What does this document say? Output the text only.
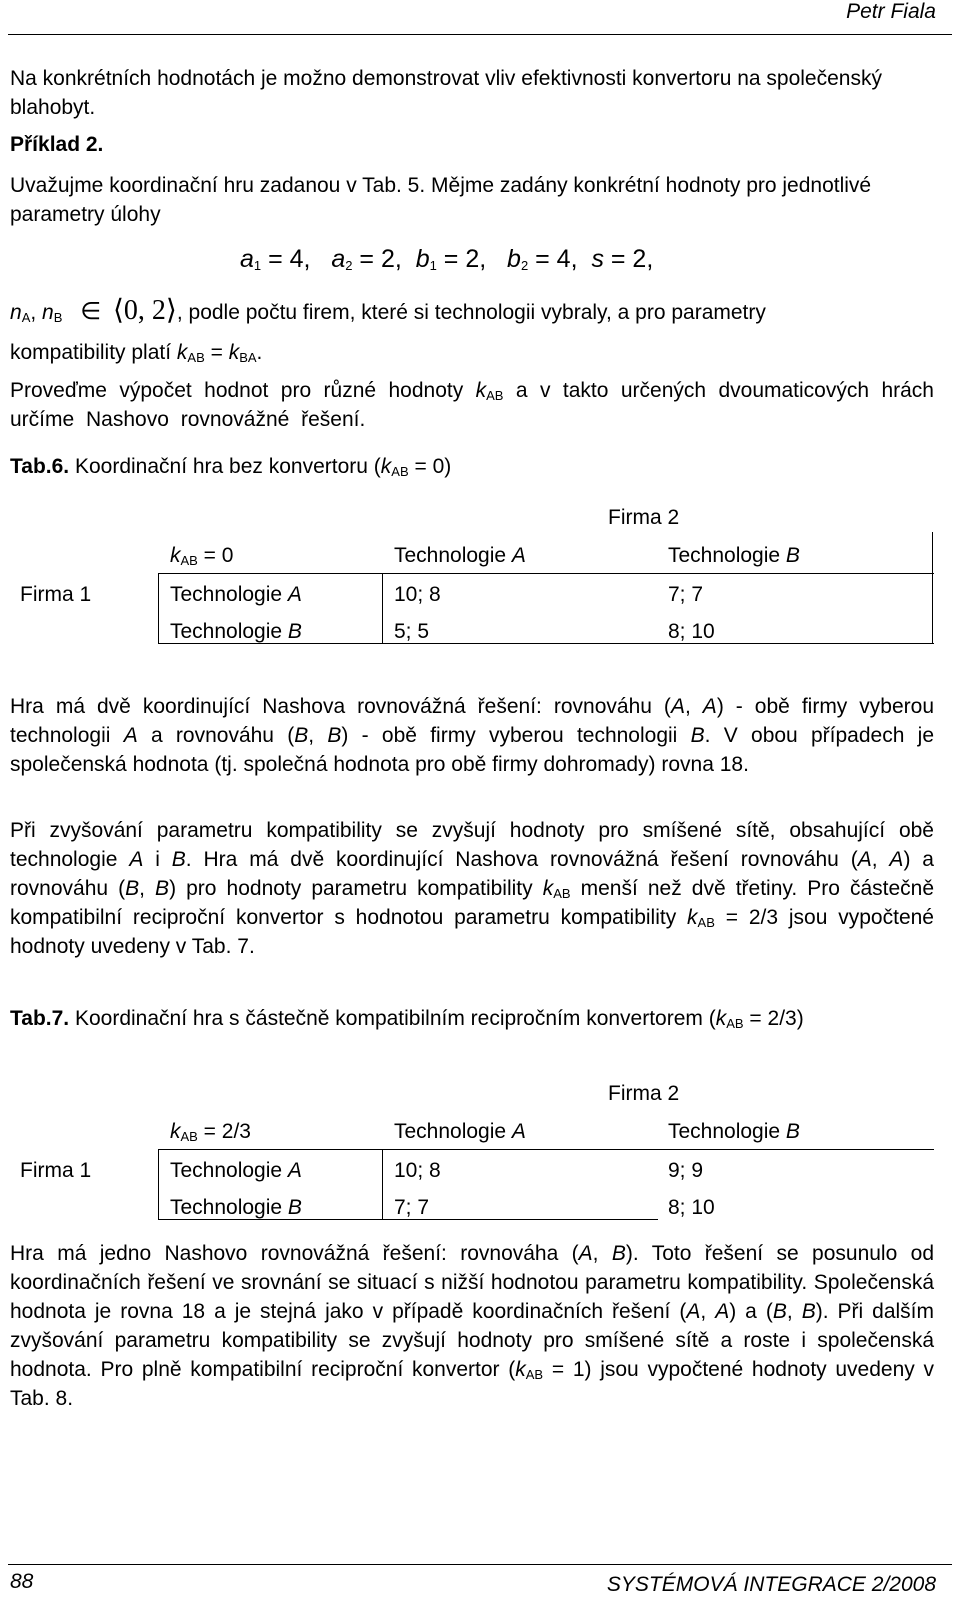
Petr Fiala

Na konkrétních hodnotách je možno demonstrovat vliv efektivnosti konvertoru na společenský blahobyt.

Příklad 2.

Uvažujme koordinační hru zadanou v Tab. 5. Mějme zadány konkrétní hodnoty pro jednotlivé parametry úlohy

$a_1 = 4$, $a_2 = 2$, $b_1 = 2$, $b_2 = 4$, s = 2,
$n_A$, $n_B$ ∈ ⟨0, 2⟩, podle počtu firem, které si technologii vybraly, a pro parametry
kompatibility platí $k_{AB} = k_{BA}$.

Proveďme výpočet hodnot pro různé hodnoty $k_{AB}$ a v takto určených dvoumaticových hrách určíme Nashovo rovnovážné řešení.

Tab.6. Koordinační hra bez konvertoru $(k_{AB} = 0)$
Firma 2
$k_{AB} = 0$	Technologie A	Technologie B
Firma 1	Technologie A	10; 8	7; 7
Technologie B	5; 5	8; 10

Hra má dvě koordinující Nashova rovnovážná řešení: rovnováhu (A, A) - obě firmy vyberou technologii A a rovnováhu (B, B) - obě firmy vyberou technologii B. V obou případech je společenská hodnota (tj. společná hodnota pro obě firmy dohromady) rovna 18.

Při zvyšování parametru kompatibility se zvyšují hodnoty pro smíšené sítě, obsahující obě technologie A i B. Hra má dvě koordinující Nashova rovnovážná řešení rovnováhu (A, A) a rovnováhu (B, B) pro hodnoty parametru kompatibility $k_{AB}$ menší než dvě třetiny. Pro částečně kompatibilní reciproční konvertor s hodnotou parametru kompatibility $k_{AB} = 2/3$ jsou vypočtené hodnoty uvedeny v Tab. 7.

Tab.7. Koordinační hra s částečně kompatibilním recipročním konvertorem $(k_{AB} = 2/3)$

Firma 2
$k_{AB} = 2/3$	Technologie A	Technologie B
Firma 1	Technologie A	10; 8	9; 9
Technologie B	7; 7	8; 10

Hra má jedno Nashovo rovnovážná řešení: rovnováha (A, B). Toto řešení se posunulo od koordinačních řešení ve srovnání se situací s nižší hodnotou parametru kompatibility. Společenská hodnota je rovna 18 a je stejná jako v případě koordinačních řešení (A, A) a (B, B). Při dalším zvyšování parametru kompatibility se zvyšují hodnoty pro smíšené sítě a roste i společenská hodnota. Pro plně kompatibilní reciproční konvertor $(k_{AB} = 1)$ jsou vypočtené hodnoty uvedeny v Tab. 8.

88	SYSTÉMOVÁ INTEGRACE 2/2008
